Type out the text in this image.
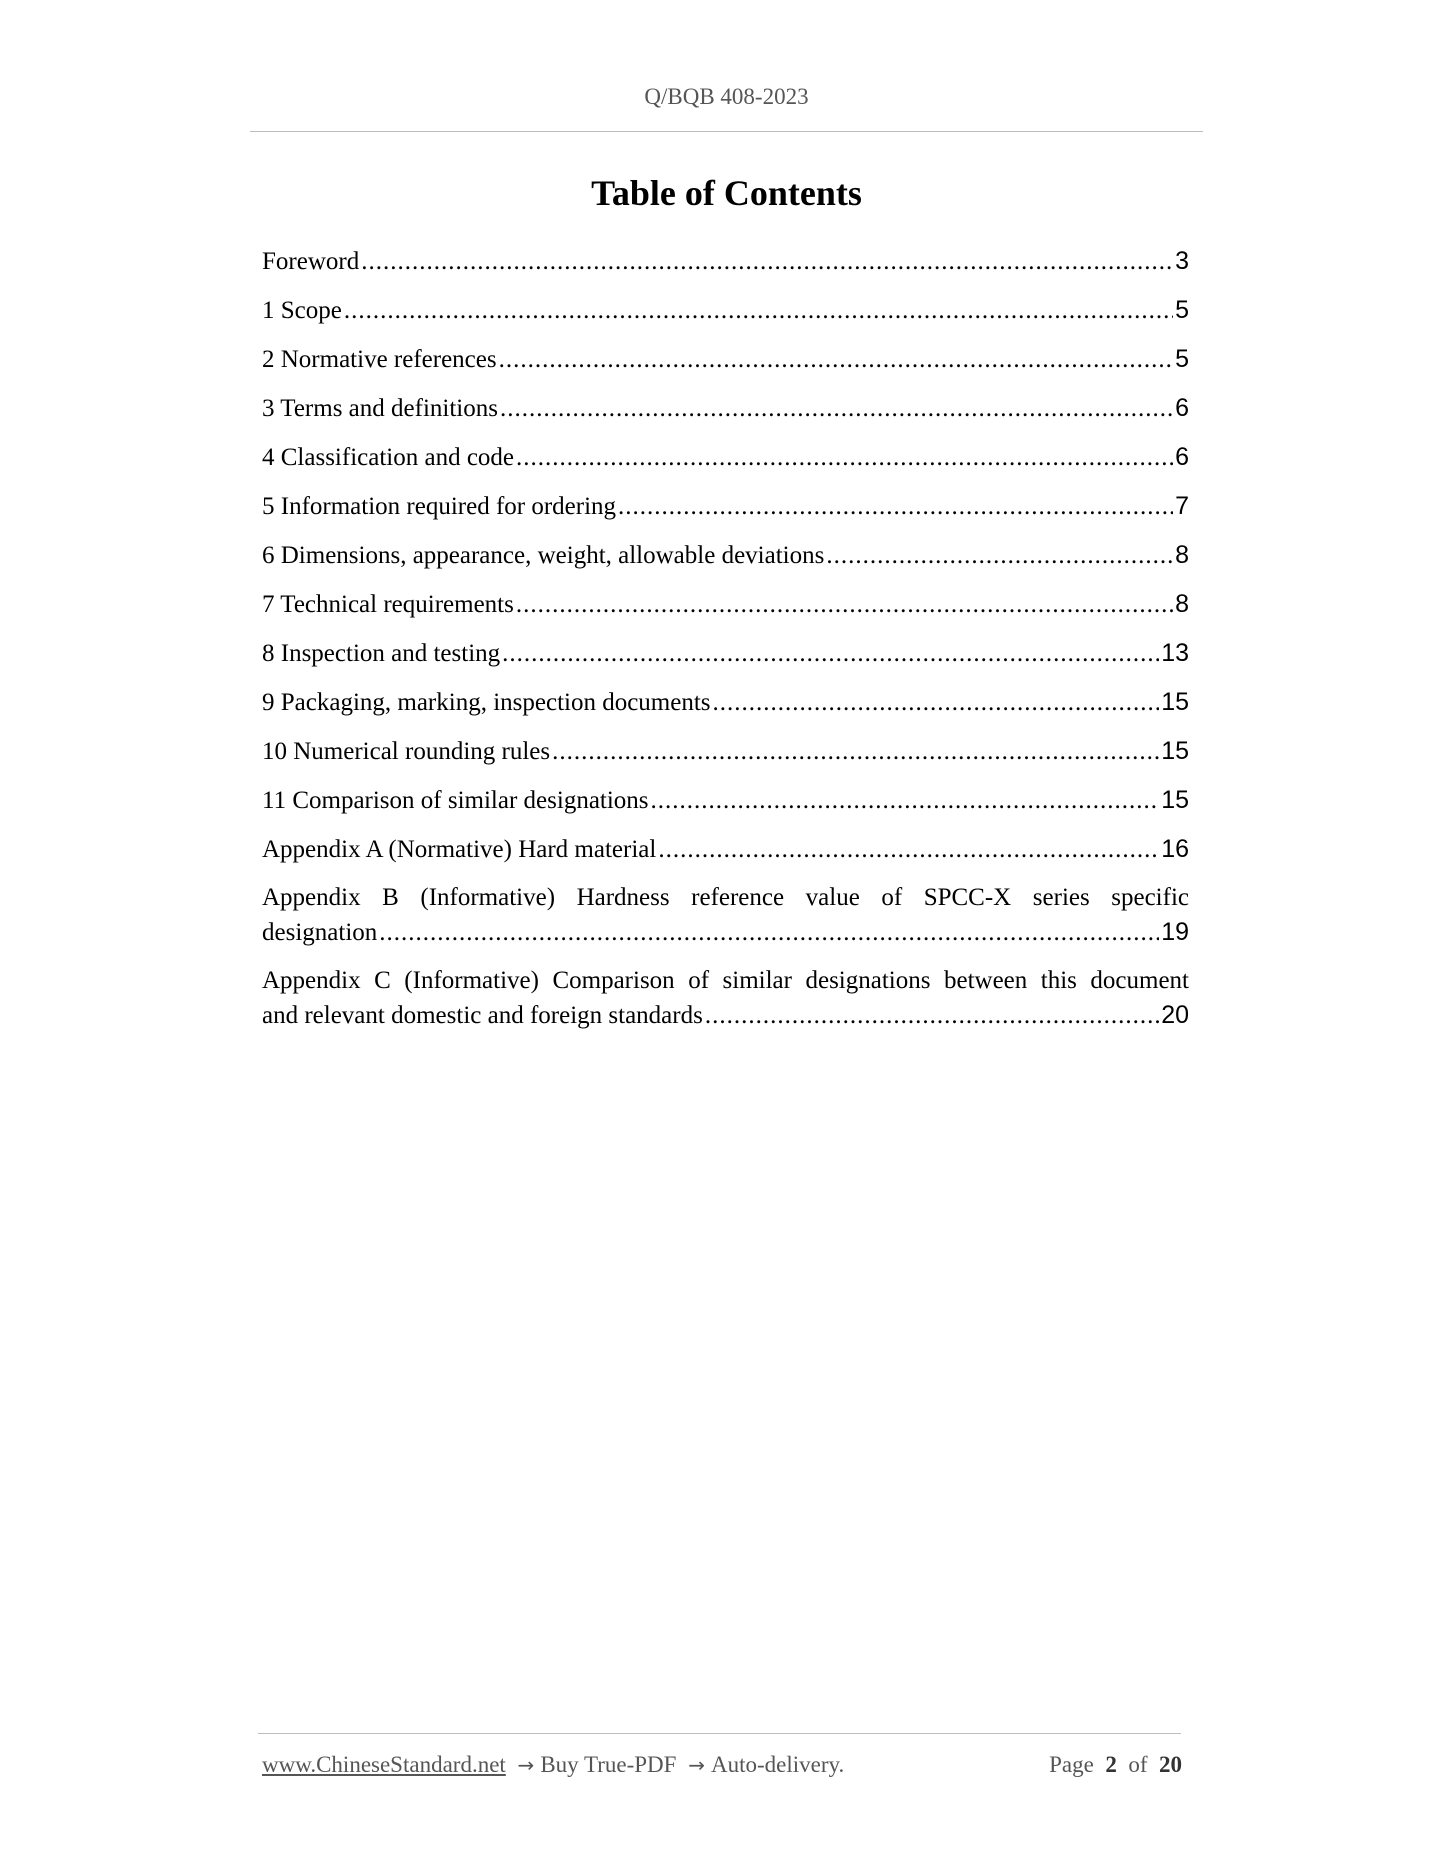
Q/BQB 408-2023
Table of Contents
Foreword .....	3
1 Scope .....	5
2 Normative references .....	5
3 Terms and definitions .....	6
4 Classification and code .....	6
5 Information required for ordering .....	7
6 Dimensions, appearance, weight, allowable deviations .....	8
7 Technical requirements .....	8
8 Inspection and testing .....	13
9 Packaging, marking, inspection documents .....	15
10 Numerical rounding rules .....	15
11 Comparison of similar designations .....	15
Appendix A (Normative) Hard material .....	16
Appendix B (Informative) Hardness reference value of SPCC-X series specific
designation .....	19
Appendix C (Informative) Comparison of similar designations between this document
and relevant domestic and foreign standards .....	20
www.ChineseStandard.net → Buy True-PDF → Auto-delivery.	Page 2 of 20
